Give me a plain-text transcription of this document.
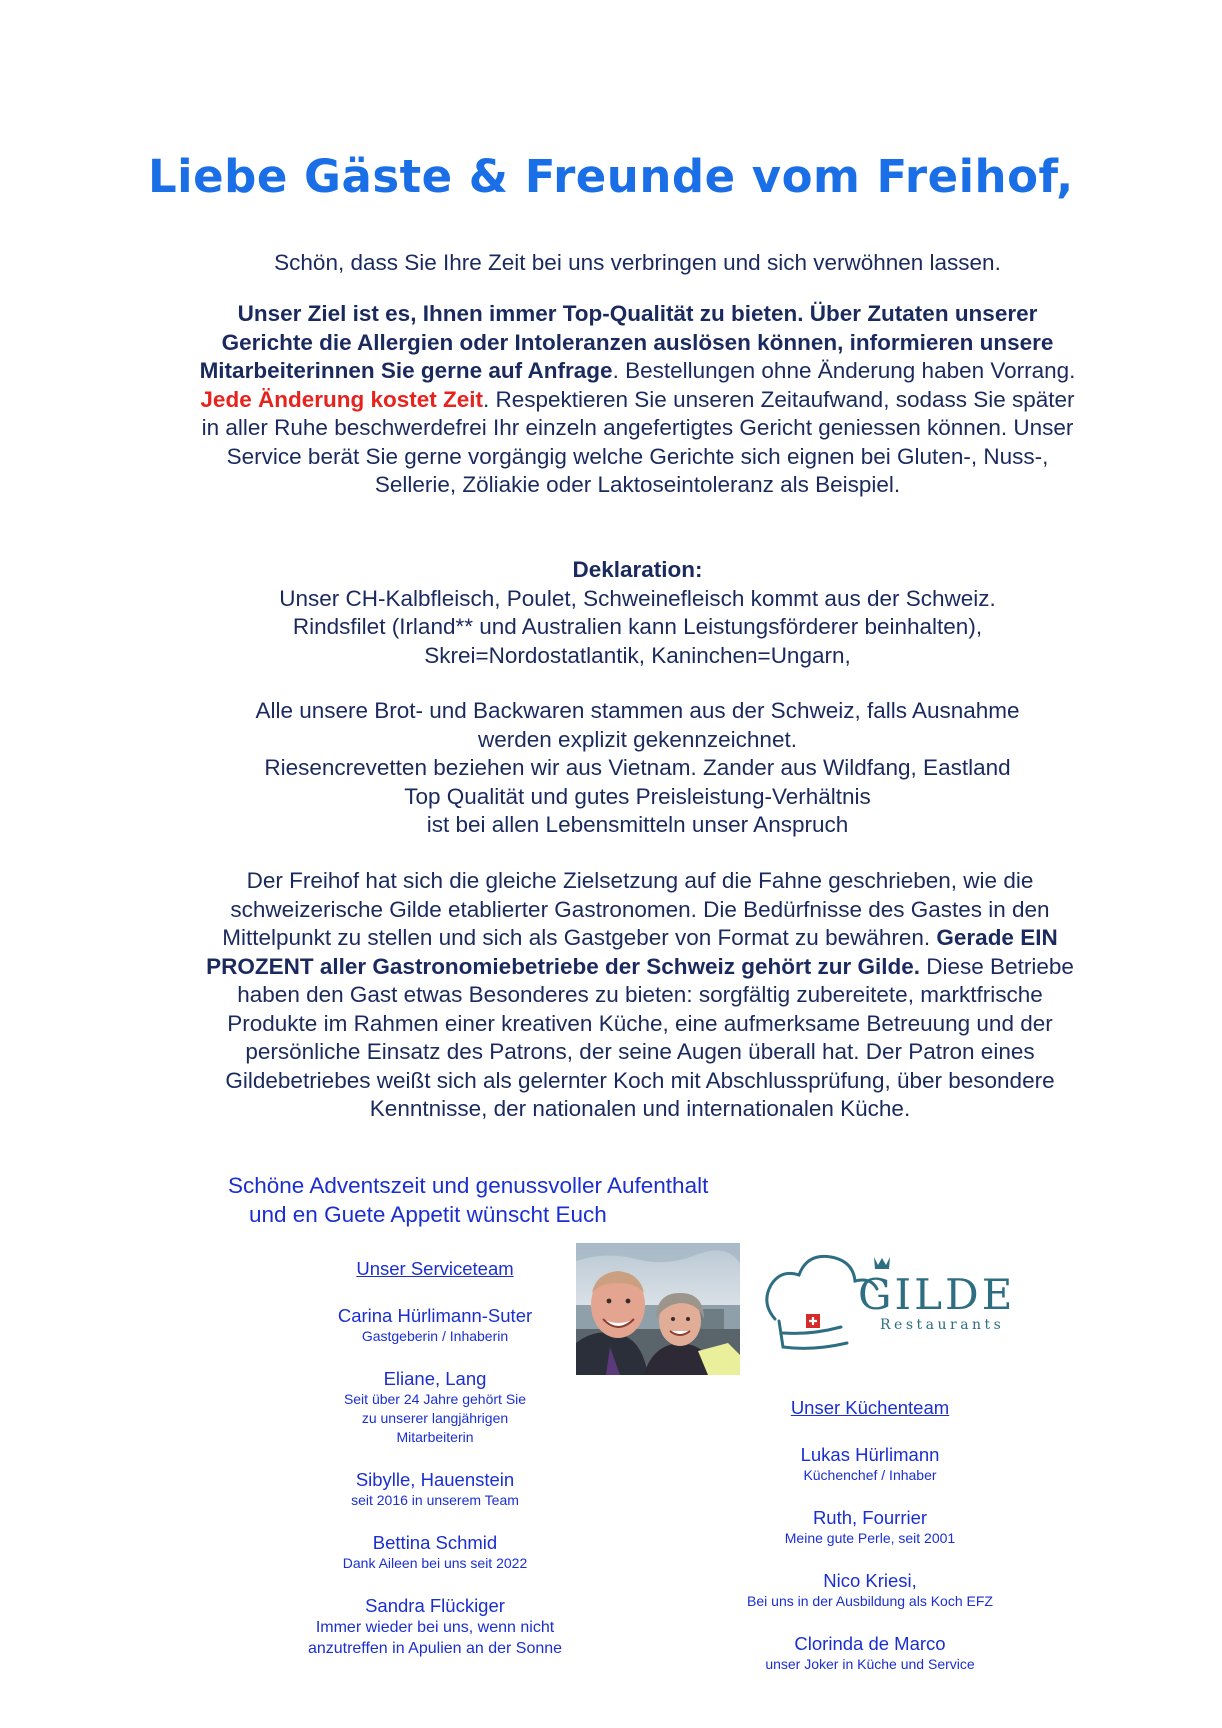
Liebe Gäste & Freunde vom Freihof,

Schön, dass Sie Ihre Zeit bei uns verbringen und sich verwöhnen lassen.

Unser Ziel ist es, Ihnen immer Top-Qualität zu bieten. Über Zutaten unserer Gerichte die Allergien oder Intoleranzen auslösen können, informieren unsere Mitarbeiterinnen Sie gerne auf Anfrage. Bestellungen ohne Änderung haben Vorrang. Jede Änderung kostet Zeit. Respektieren Sie unseren Zeitaufwand, sodass Sie später in aller Ruhe beschwerdefrei Ihr einzeln angefertigtes Gericht geniessen können. Unser Service berät Sie gerne vorgängig welche Gerichte sich eignen bei Gluten-, Nuss-, Sellerie, Zöliakie oder Laktoseintoleranz als Beispiel.

Deklaration:

Unser CH-Kalbfleisch, Poulet, Schweinefleisch kommt aus der Schweiz.

Rindsfilet (Irland** und Australien kann Leistungsförderer beinhalten),

Skrei=Nordostatlantik, Kaninchen=Ungarn,

Alle unsere Brot- und Backwaren stammen aus der Schweiz, falls Ausnahme

werden explizit gekennzeichnet.

Riesencrevetten beziehen wir aus Vietnam. Zander aus Wildfang, Eastland

Top Qualität und gutes Preisleistung-Verhältnis

ist bei allen Lebensmitteln unser Anspruch

Der Freihof hat sich die gleiche Zielsetzung auf die Fahne geschrieben, wie die schweizerische Gilde etablierter Gastronomen. Die Bedürfnisse des Gastes in den Mittelpunkt zu stellen und sich als Gastgeber von Format zu bewähren. Gerade EIN PROZENT aller Gastronomiebetriebe der Schweiz gehört zur Gilde. Diese Betriebe haben den Gast etwas Besonderes zu bieten: sorgfältig zubereitete, marktfrische Produkte im Rahmen einer kreativen Küche, eine aufmerksame Betreuung und der persönliche Einsatz des Patrons, der seine Augen überall hat. Der Patron eines Gildebetriebes weißt sich als gelernter Koch mit Abschlussprüfung, über besondere Kenntnisse, der nationalen und internationalen Küche.

Schöne Adventszeit und genussvoller Aufenthalt
und en Guete Appetit wünscht Euch
GILDE
Restaurants
Unser Serviceteam
Carina Hürlimann-Suter
Gastgeberin / Inhaberin
Eliane, Lang
Seit über 24 Jahre gehört Sie zu unserer langjährigen Mitarbeiterin
Sibylle, Hauenstein
seit 2016 in unserem Team
Bettina Schmid
Dank Aileen bei uns seit 2022
Sandra Flückiger
Immer wieder bei uns, wenn nicht anzutreffen in Apulien an der Sonne
Unser Küchenteam
Lukas Hürlimann
Küchenchef / Inhaber
Ruth, Fourrier
Meine gute Perle, seit 2001
Nico Kriesi,
Bei uns in der Ausbildung als Koch EFZ
Clorinda de Marco
unser Joker in Küche und Service
